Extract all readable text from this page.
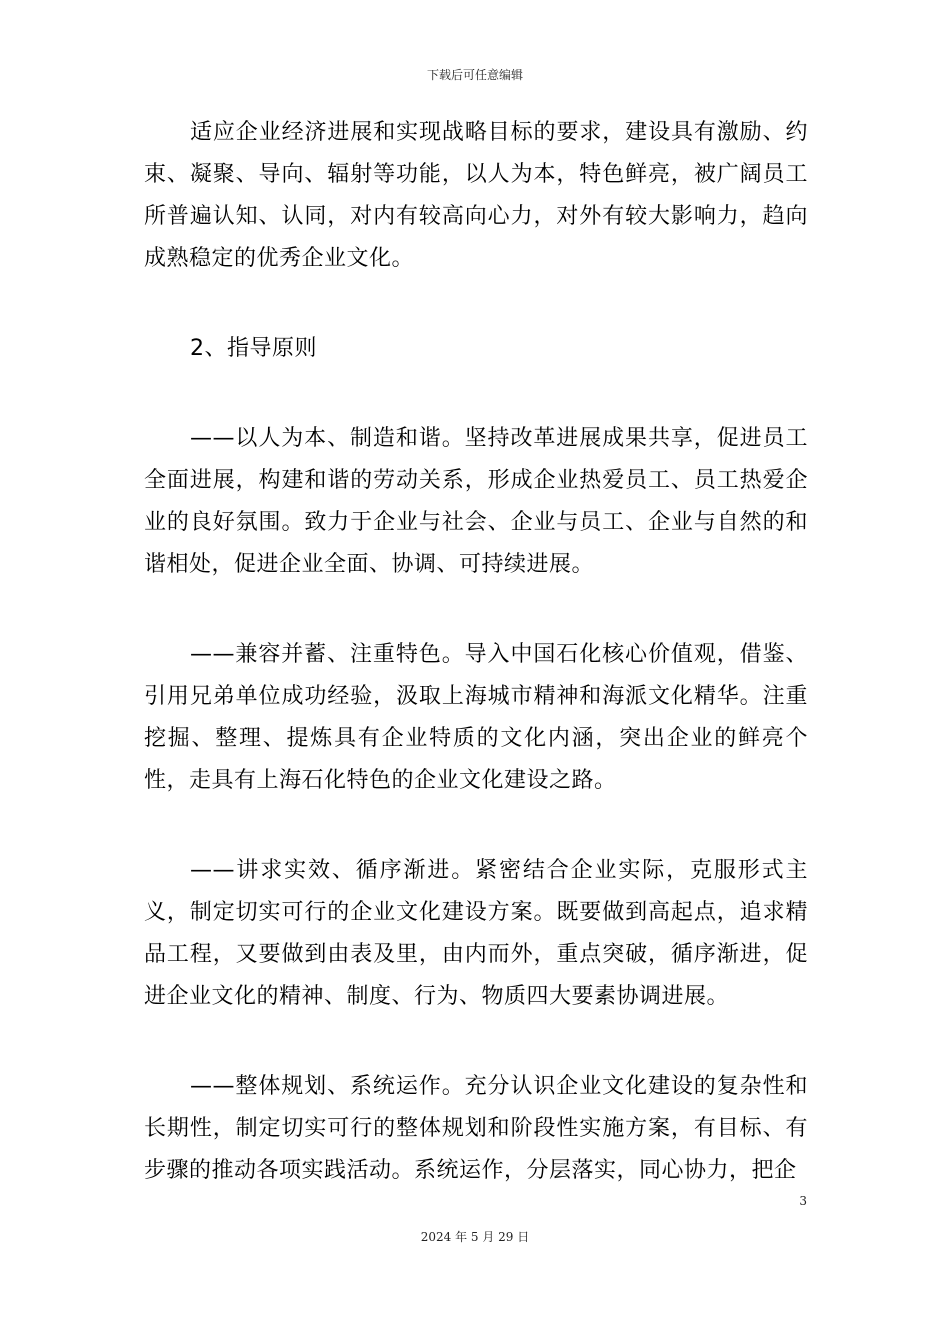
下载后可任意编辑

适应企业经济进展和实现战略目标的要求，建设具有激励、约束、凝聚、导向、辐射等功能，以人为本，特色鲜亮，被广阔员工所普遍认知、认同，对内有较高向心力，对外有较大影响力，趋向成熟稳定的优秀企业文化。

2、指导原则

——以人为本、制造和谐。坚持改革进展成果共享，促进员工全面进展，构建和谐的劳动关系，形成企业热爱员工、员工热爱企业的良好氛围。致力于企业与社会、企业与员工、企业与自然的和谐相处，促进企业全面、协调、可持续进展。

——兼容并蓄、注重特色。导入中国石化核心价值观，借鉴、引用兄弟单位成功经验，汲取上海城市精神和海派文化精华。注重挖掘、整理、提炼具有企业特质的文化内涵，突出企业的鲜亮个性，走具有上海石化特色的企业文化建设之路。

——讲求实效、循序渐进。紧密结合企业实际，克服形式主义，制定切实可行的企业文化建设方案。既要做到高起点，追求精品工程，又要做到由表及里，由内而外，重点突破，循序渐进，促进企业文化的精神、制度、行为、物质四大要素协调进展。

——整体规划、系统运作。充分认识企业文化建设的复杂性和长期性，制定切实可行的整体规划和阶段性实施方案，有目标、有步骤的推动各项实践活动。系统运作，分层落实，同心协力，把企

3
2024 年 5 月 29 日
